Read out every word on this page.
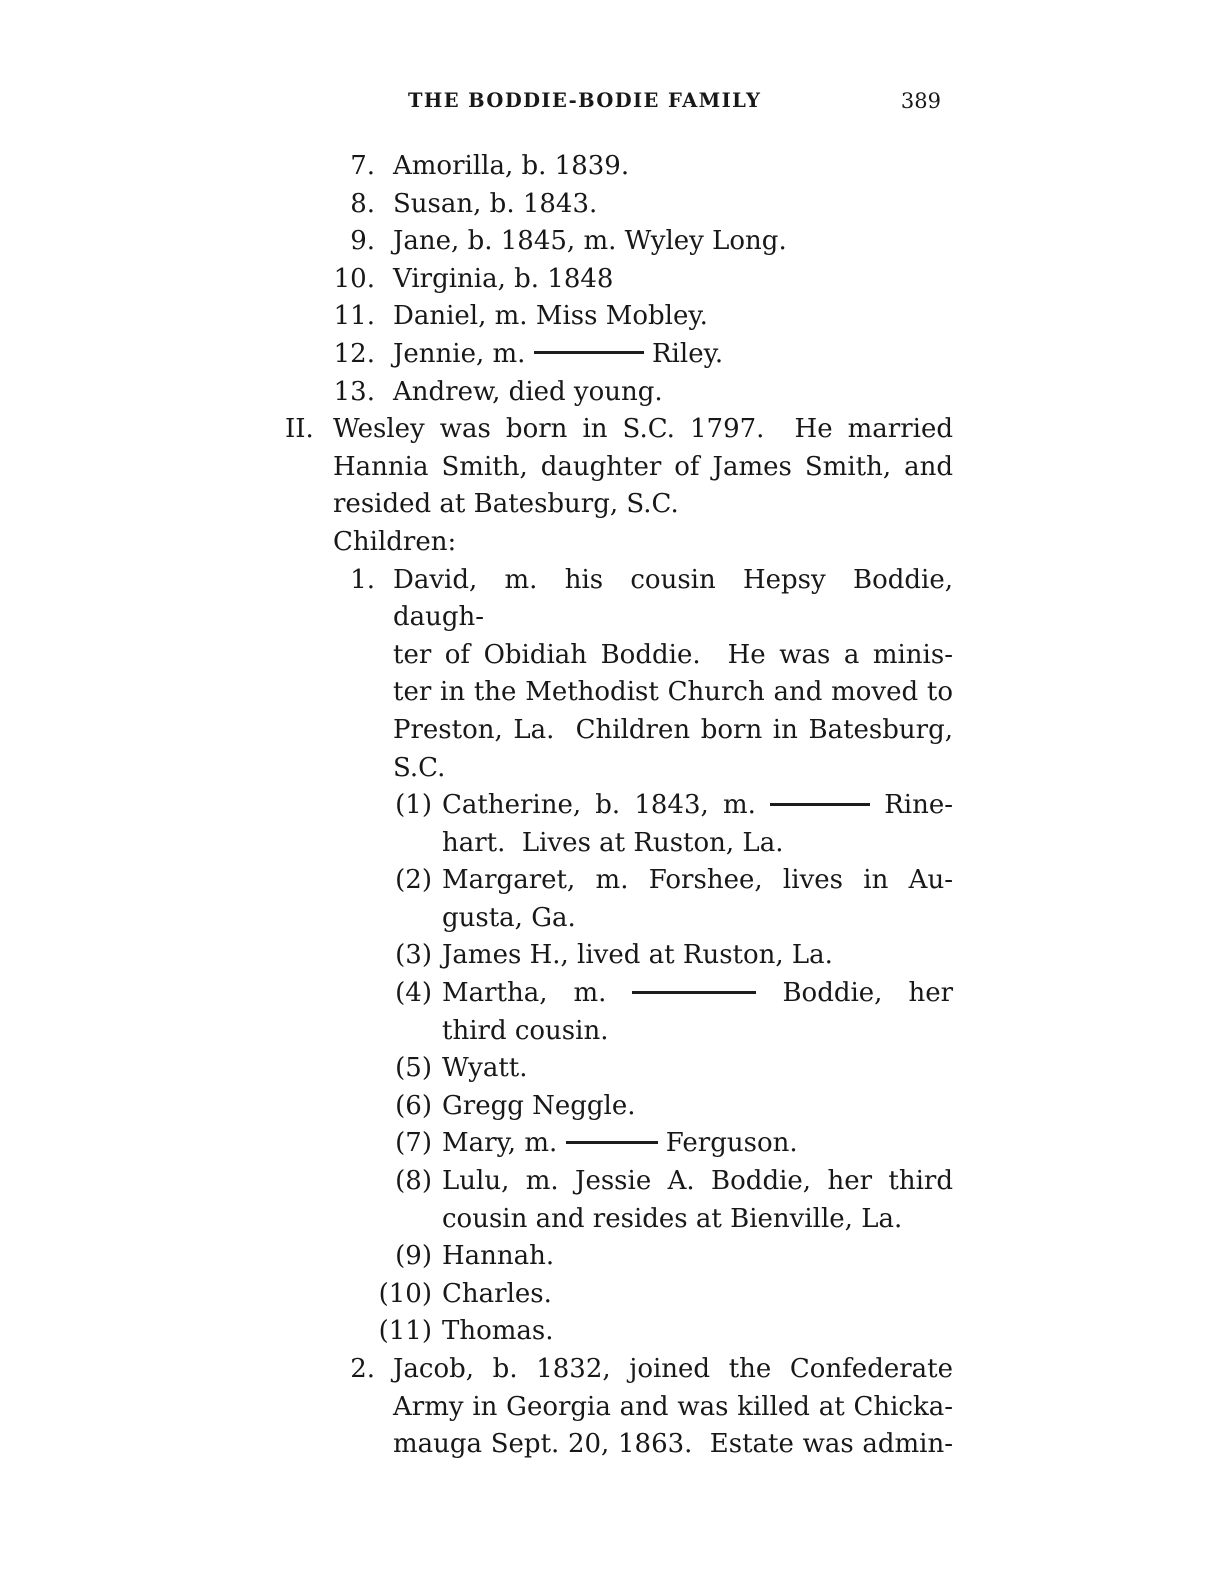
THE BODDIE-BODIE FAMILY	389
7. Amorilla, b. 1839.
8. Susan, b. 1843.
9. Jane, b. 1845, m. Wyley Long.
10. Virginia, b. 1848
11. Daniel, m. Miss Mobley.
12. Jennie, m.	Riley.
13. Andrew, died young.
II. Wesley was born in S.C. 1797.  He married
Hannia Smith, daughter of James Smith, and
resided at Batesburg, S.C.
Children:
1. David, m. his cousin Hepsy Boddie, daugh-
ter of Obidiah Boddie.  He was a minis-
ter in the Methodist Church and moved to
Preston, La.  Children born in Batesburg,
S.C.
(1) Catherine, b. 1843, m.	Rine-
hart.  Lives at Ruston, La.
(2) Margaret, m. Forshee, lives in Au-
gusta, Ga.
(3) James H., lived at Ruston, La.
(4) Martha, m.	Boddie, her
third cousin.
(5) Wyatt.
(6) Gregg Neggle.
(7) Mary, m.	Ferguson.
(8) Lulu, m. Jessie A. Boddie, her third
cousin and resides at Bienville, La.
(9) Hannah.
(10) Charles.
(11) Thomas.
2. Jacob, b. 1832, joined the Confederate
Army in Georgia and was killed at Chicka-
mauga Sept. 20, 1863.  Estate was admin-
